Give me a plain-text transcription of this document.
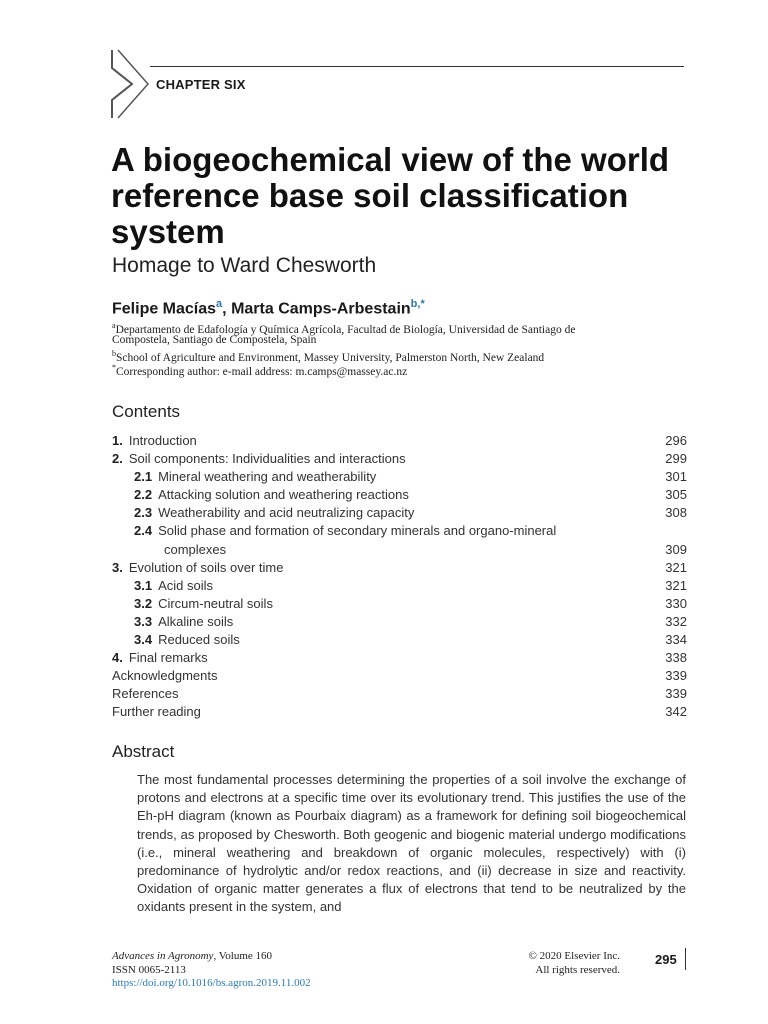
CHAPTER SIX
A biogeochemical view of the world reference base soil classification system
Homage to Ward Chesworth
Felipe Macías$^a$, Marta Camps-Arbestain$^{b,*}$
$^a$Departamento de Edafología y Química Agrícola, Facultad de Biología, Universidad de Santiago de
Compostela, Santiago de Compostela, Spain
$^b$School of Agriculture and Environment, Massey University, Palmerston North, New Zealand
*Corresponding author: e-mail address: m.camps@massey.ac.nz
Contents
1. Introduction	296
2. Soil components: Individualities and interactions	299
2.1 Mineral weathering and weatherability	301
2.2 Attacking solution and weathering reactions	305
2.3 Weatherability and acid neutralizing capacity	308
2.4 Solid phase and formation of secondary minerals and organo-mineral
complexes	309
3. Evolution of soils over time	321
3.1 Acid soils	321
3.2 Circum-neutral soils	330
3.3 Alkaline soils	332
3.4 Reduced soils	334
4. Final remarks	338
Acknowledgments	339
References	339
Further reading	342
Abstract

The most fundamental processes determining the properties of a soil involve the exchange of protons and electrons at a specific time over its evolutionary trend. This justifies the use of the Eh-pH diagram (known as Pourbaix diagram) as a framework for defining soil biogeochemical trends, as proposed by Chesworth. Both geogenic and biogenic material undergo modifications (i.e., mineral weathering and breakdown of organic molecules, respectively) with (i) predominance of hydrolytic and/or redox reactions, and (ii) decrease in size and reactivity. Oxidation of organic matter generates a flux of electrons that tend to be neutralized by the oxidants present in the system, and

Advances in Agronomy, Volume 160
ISSN 0065-2113
https://doi.org/10.1016/bs.agron.2019.11.002
© 2020 Elsevier Inc.
All rights reserved.
295
